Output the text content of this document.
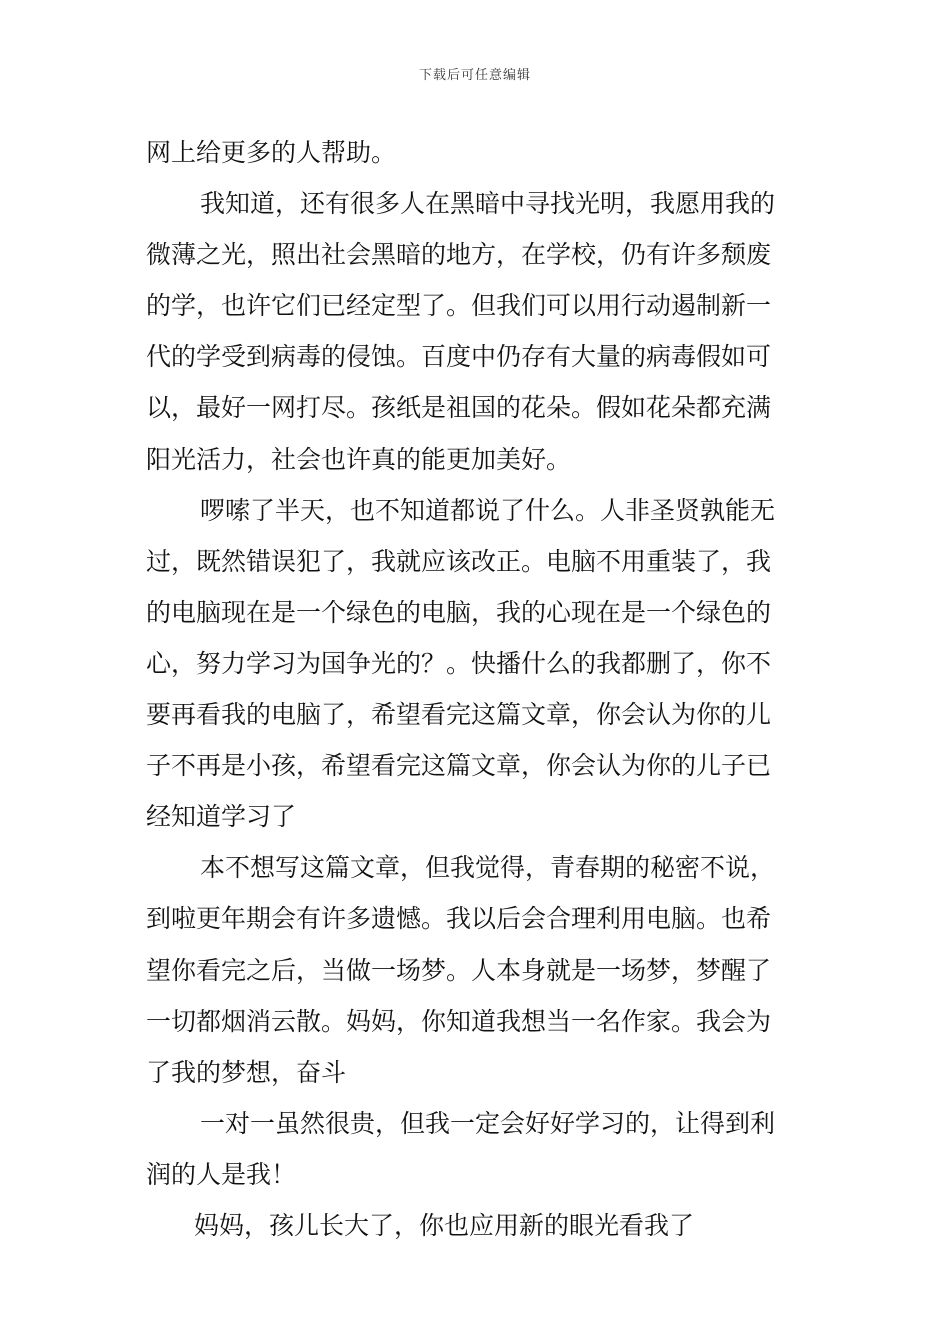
下载后可任意编辑
网上给更多的人帮助。
我知道，还有很多人在黑暗中寻找光明，我愿用我的
微薄之光，照出社会黑暗的地方，在学校，仍有许多颓废
的学，也许它们已经定型了。但我们可以用行动遏制新一
代的学受到病毒的侵蚀。百度中仍存有大量的病毒假如可
以，最好一网打尽。孩纸是祖国的花朵。假如花朵都充满
阳光活力，社会也许真的能更加美好。
啰嗦了半天，也不知道都说了什么。人非圣贤孰能无
过，既然错误犯了，我就应该改正。电脑不用重装了，我
的电脑现在是一个绿色的电脑，我的心现在是一个绿色的
心，努力学习为国争光的？。快播什么的我都删了，你不
要再看我的电脑了，希望看完这篇文章，你会认为你的儿
子不再是小孩，希望看完这篇文章，你会认为你的儿子已
经知道学习了
本不想写这篇文章，但我觉得，青春期的秘密不说，
到啦更年期会有许多遗憾。我以后会合理利用电脑。也希
望你看完之后，当做一场梦。人本身就是一场梦，梦醒了
一切都烟消云散。妈妈，你知道我想当一名作家。我会为
了我的梦想，奋斗
一对一虽然很贵，但我一定会好好学习的，让得到利
润的人是我！
妈妈，孩儿长大了，你也应用新的眼光看我了
